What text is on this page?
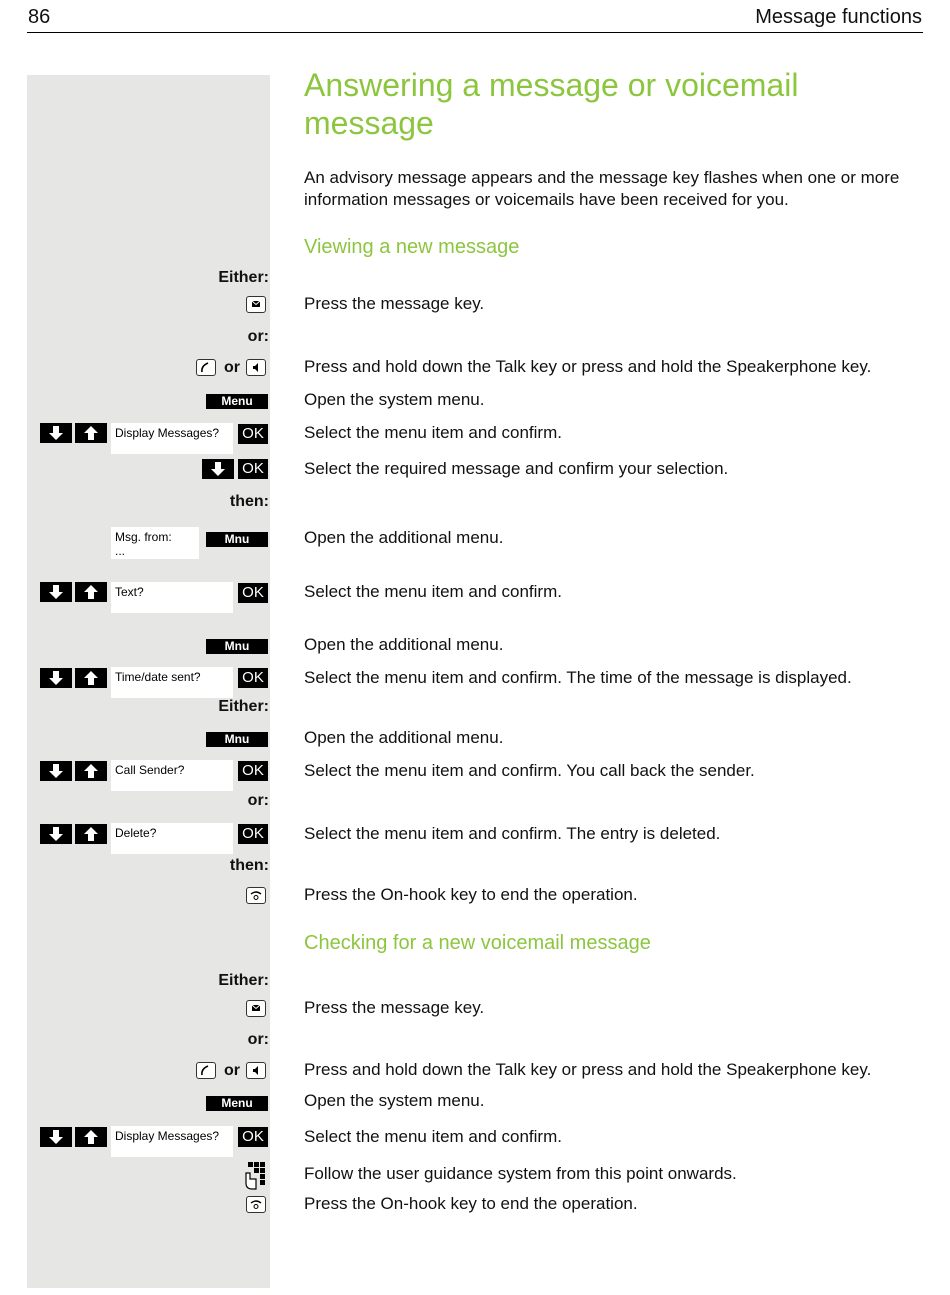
86	Message functions
Answering a message or voicemail message
An advisory message appears and the message key flashes when one or more information messages or voicemails have been received for you.
Viewing a new message
Either:
Press the message key.
or:
or	Press and hold down the Talk key or press and hold the Speakerphone key.
Menu	Open the system menu.
Display Messages?	OK Select the menu item and confirm.
OK Select the required message and confirm your selection.
then:
Msg. from:
...
Mnu	Open the additional menu.
Text?	OK Select the menu item and confirm.
Mnu	Open the additional menu.
Time/date sent?	OK Select the menu item and confirm. The time of the message is displayed.
Either:
Mnu	Open the additional menu.
Call Sender?	OK Select the menu item and confirm. You call back the sender.
or:
Delete?	OK Select the menu item and confirm. The entry is deleted.
then:
Press the On-hook key to end the operation.
Checking for a new voicemail message
Either:
Press the message key.
or:
or	Press and hold down the Talk key or press and hold the Speakerphone key.
Menu	Open the system menu.
Display Messages?	OK Select the menu item and confirm.
Follow the user guidance system from this point onwards.
Press the On-hook key to end the operation.
